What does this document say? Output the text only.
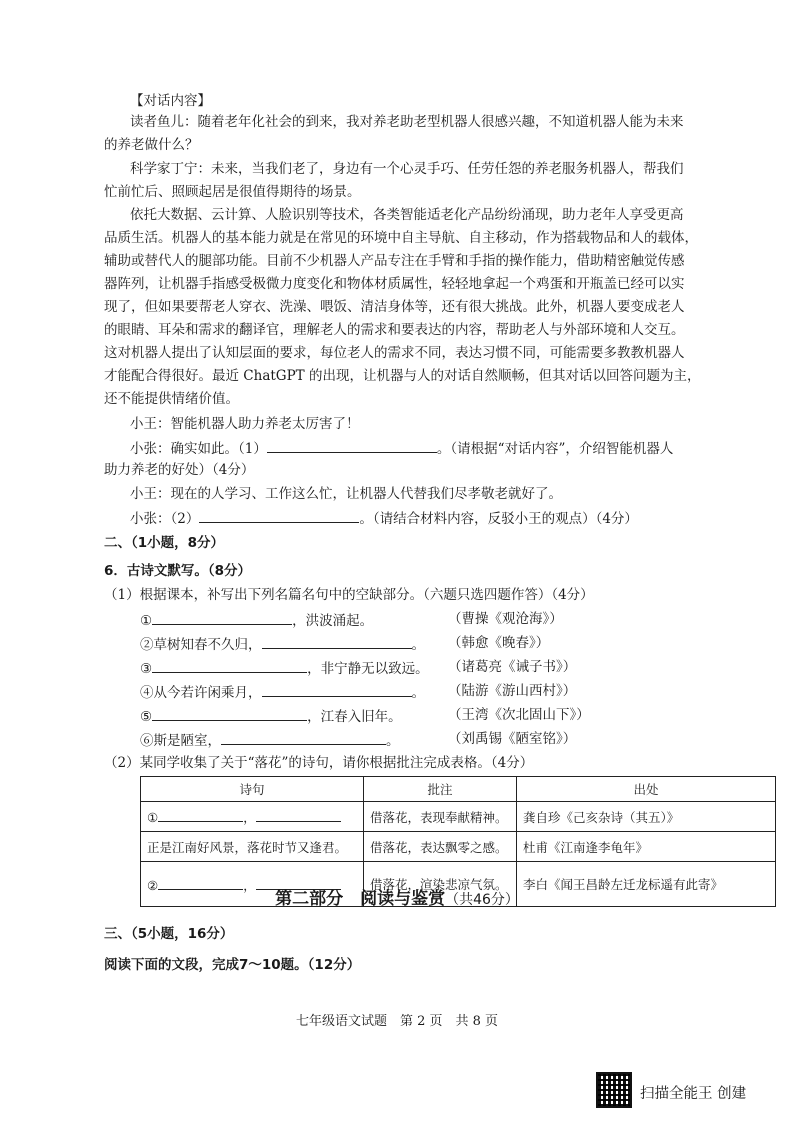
【对话内容】
读者鱼儿：随着老年化社会的到来，我对养老助老型机器人很感兴趣，不知道机器人能为未来
的养老做什么？
科学家丁宁：未来，当我们老了，身边有一个心灵手巧、任劳任怨的养老服务机器人，帮我们
忙前忙后、照顾起居是很值得期待的场景。
依托大数据、云计算、人脸识别等技术，各类智能适老化产品纷纷涌现，助力老年人享受更高
品质生活。机器人的基本能力就是在常见的环境中自主导航、自主移动，作为搭载物品和人的载体，
辅助或替代人的腿部功能。目前不少机器人产品专注在手臂和手指的操作能力，借助精密触觉传感
器阵列，让机器手指感受极微力度变化和物体材质属性，轻轻地拿起一个鸡蛋和开瓶盖已经可以实
现了，但如果要帮老人穿衣、洗澡、喂饭、清洁身体等，还有很大挑战。此外，机器人要变成老人
的眼睛、耳朵和需求的翻译官，理解老人的需求和要表达的内容，帮助老人与外部环境和人交互。
这对机器人提出了认知层面的要求，每位老人的需求不同，表达习惯不同，可能需要多教教机器人
才能配合得很好。最近 ChatGPT 的出现，让机器与人的对话自然顺畅，但其对话以回答问题为主，
还不能提供情绪价值。
小王：智能机器人助力养老太厉害了！
小张：确实如此。（1）	。（请根据“对话内容”，介绍智能机器人
助力养老的好处）（4分）
小王：现在的人学习、工作这么忙，让机器人代替我们尽孝敬老就好了。
小张：（2）	。（请结合材料内容，反驳小王的观点）（4分）
二、（1小题，8分）
6．古诗文默写。（8分）
（1）根据课本，补写出下列名篇名句中的空缺部分。（六题只选四题作答）（4分）
①	，洪波涌起。	（曹操《观沧海》）
②草树知春不久归，	。 （韩愈《晚春》）
③	，非宁静无以致远。 （诸葛亮《诫子书》）
④从今若许闲乘月，	。 （陆游《游山西村》）
⑤	，江春入旧年。	（王湾《次北固山下》）
⑥斯是陋室，	。	（刘禹锡《陋室铭》）
（2）某同学收集了关于“落花”的诗句，请你根据批注完成表格。（4分）
诗句	批注	出处
① ，	借落花，表现奉献精神。	龚自珍《己亥杂诗（其五）》
正是江南好风景，落花时节又逢君。	借落花，表达飘零之感。	杜甫《江南逢李龟年》
② ，	借落花，渲染悲凉气氛。	李白《闻王昌龄左迁龙标遥有此寄》
第二部分　阅读与鉴赏（共46分）
三、（5小题，16分）
阅读下面的文段，完成7～10题。（12分）
七年级语文试题　第 2 页　共 8 页
扫描全能王 创建
